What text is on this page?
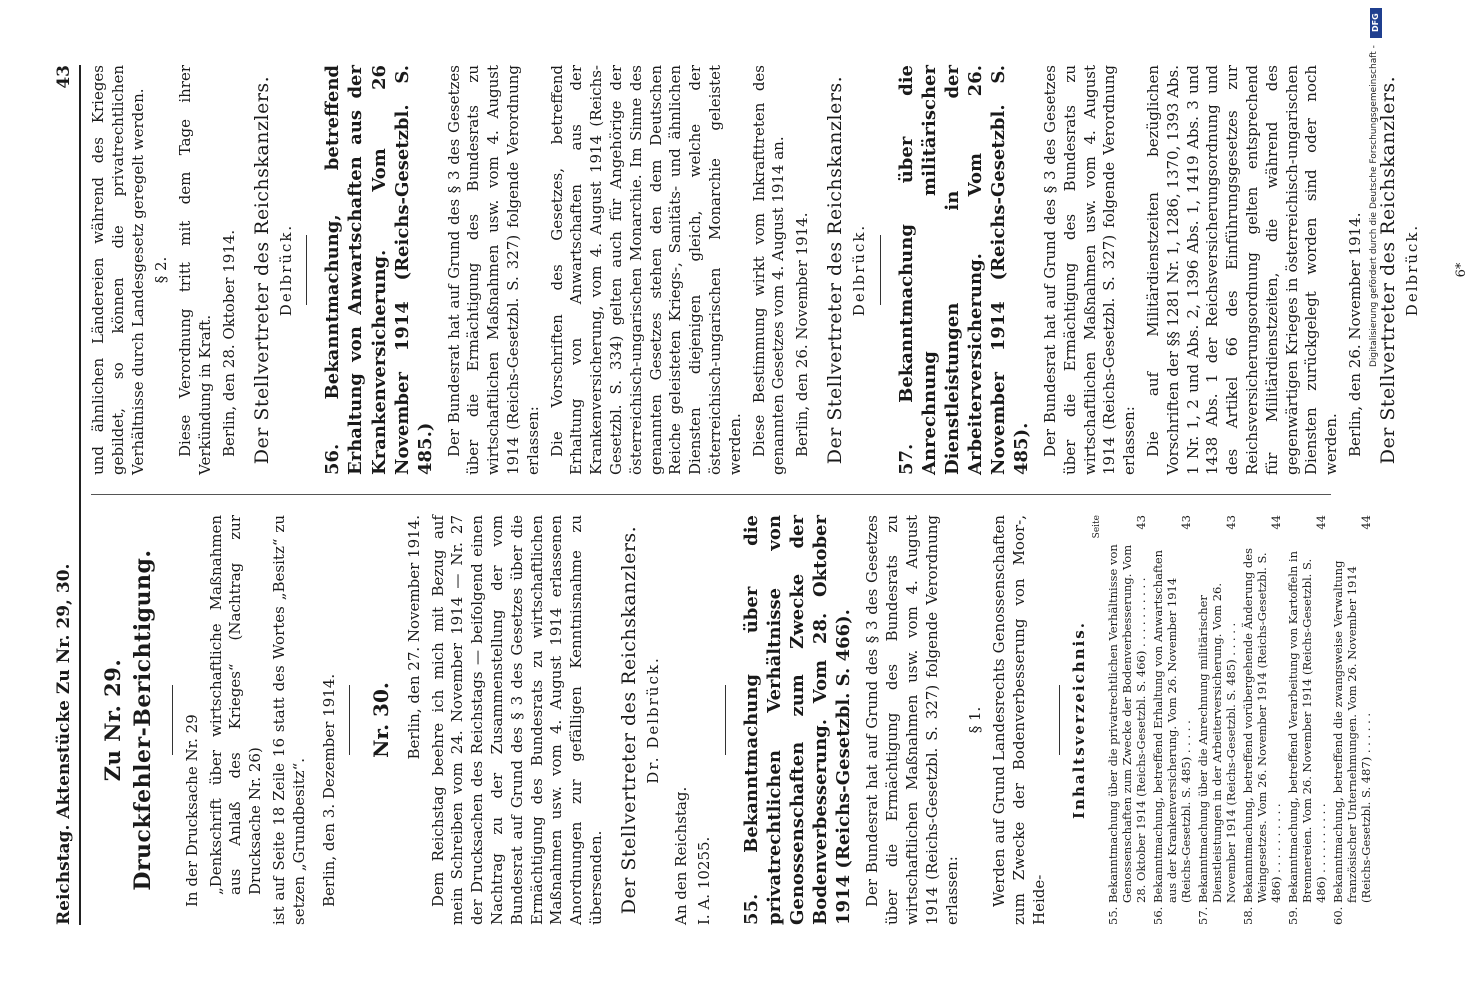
Reichstag. Aktenstücke Zu Nr. 29, 30.
43
Zu Nr. 29. Druckfehler-Berichtigung. In der Drucksache Nr. 29 „Denkschrift über wirtschaftliche Maßnahmen aus Anlaß des Krieges“ (Nachtrag zur Drucksache Nr. 26) ist auf Seite 18 Zeile 16 statt des Wortes „Besitz“ zu setzen „Grundbesitz“. Berlin, den 3. Dezember 1914. Nr. 30. Berlin, den 27. November 1914. Dem Reichstag beehre ich mich mit Bezug auf mein Schreiben vom 24. November 1914 — Nr. 27 der Drucksachen des Reichstags — beifolgend einen Nachtrag zu der Zusammenstellung der vom Bundesrat auf Grund des § 3 des Gesetzes über die Ermächtigung des Bundesrats zu wirtschaftlichen Maßnahmen usw. vom 4. August 1914 erlassenen Anordnungen zur gefälligen Kenntnisnahme zu übersenden. Der Stellvertreter des Reichskanzlers. Dr. Delbrück.

An den Reichstag. I. A. 10255. 55. Bekanntmachung über die privatrechtlichen Verhältnisse von Genossenschaften zum Zwecke der Bodenverbesserung. Vom 28. Oktober 1914 (Reichs-Gesetzbl. S. 466). Der Bundesrat hat auf Grund des § 3 des Gesetzes über die Ermächtigung des Bundesrats zu wirtschaftlichen Maßnahmen usw. vom 4. August 1914 (Reichs-Gesetzbl. S. 327) folgende Verordnung erlassen:

§ 1. Werden auf Grund Landesrechts Genossenschaften zum Zwecke der Bodenverbesserung von Moor-, Heide-

Inhaltsverzeichnis.
Seite
55.
Bekanntmachung über die privatrechtlichen Verhältnisse von Genossenschaften zum Zwecke der Bodenverbesserung. Vom 28. Oktober 1914 (Reichs-Gesetzbl. S. 466) . . . . . . . . . .
43
56.
Bekanntmachung, betreffend Erhaltung von Anwartschaften aus der Krankenversicherung. Vom 26. November 1914 (Reichs-Gesetzbl. S. 485) . . . . .
43
57.
Bekanntmachung über die Anrechnung militärischer Dienstleistungen in der Arbeiterversicherung. Vom 26. November 1914 (Reichs-Gesetzbl. S. 485) . . . . .
43
58.
Bekanntmachung, betreffend vorübergehende Änderung des Weingesetzes. Vom 26. November 1914 (Reichs-Gesetzbl. S. 486) . . . . . . . . . .
44
59.
Bekanntmachung, betreffend Verarbeitung von Kartoffeln in Brennereien. Vom 26. November 1914 (Reichs-Gesetzbl. S. 486) . . . . . . . . . .
44
60.
Bekanntmachung, betreffend die zwangsweise Verwaltung französischer Unternehmungen. Vom 26. November 1914 (Reichs-Gesetzbl. S. 487) . . . . . .
44

und ähnlichen Ländereien während des Krieges gebildet, so können die privatrechtlichen Verhältnisse durch Landesgesetz geregelt werden. § 2. Diese Verordnung tritt mit dem Tage ihrer Verkündung in Kraft. Berlin, den 28. Oktober 1914. Der Stellvertreter des Reichskanzlers. Delbrück. 56. Bekanntmachung, betreffend Erhaltung von Anwartschaften aus der Krankenversicherung. Vom 26 November 1914 (Reichs-Gesetzbl. S. 485.) Der Bundesrat hat auf Grund des § 3 des Gesetzes über die Ermächtigung des Bundesrats zu wirtschaftlichen Maßnahmen usw. vom 4. August 1914 (Reichs-Gesetzbl. S. 327) folgende Verordnung erlassen: Die Vorschriften des Gesetzes, betreffend Erhaltung von Anwartschaften aus der Krankenversicherung, vom 4. August 1914 (Reichs-Gesetzbl. S. 334) gelten auch für Angehörige der österreichisch-ungarischen Monarchie. Im Sinne des genannten Gesetzes stehen den dem Deutschen Reiche geleisteten Kriegs-, Sanitäts- und ähnlichen Diensten diejenigen gleich, welche der österreichisch-ungarischen Monarchie geleistet werden. Diese Bestimmung wirkt vom Inkrafttreten des genannten Gesetzes vom 4. August 1914 an. Berlin, den 26. November 1914. Der Stellvertreter des Reichskanzlers. Delbrück. 57. Bekanntmachung über die Anrechnung militärischer Dienstleistungen in der Arbeiterversicherung. Vom 26. November 1914 (Reichs-Gesetzbl. S. 485). Der Bundesrat hat auf Grund des § 3 des Gesetzes über die Ermächtigung des Bundesrats zu wirtschaftlichen Maßnahmen usw. vom 4. August 1914 (Reichs-Gesetzbl. S. 327) folgende Verordnung erlassen: Die auf Militärdienstzeiten bezüglichen Vorschriften der §§ 1281 Nr. 1, 1286, 1370, 1393 Abs. 1 Nr. 1, 2 und Abs. 2, 1396 Abs. 1, 1419 Abs. 3 und 1438 Abs. 1 der Reichsversicherungsordnung und des Artikel 66 des Einführungsgesetzes zur Reichsversicherungsordnung gelten entsprechend für Militärdienstzeiten, die während des gegenwärtigen Krieges in österreichisch-ungarischen Diensten zurückgelegt worden sind oder noch werden. Berlin, den 26. November 1914. Der Stellvertreter des Reichskanzlers. Delbrück.	6*
DFG
Digitalisierung gefördert durch die Deutsche Forschungsgemeinschaft -
